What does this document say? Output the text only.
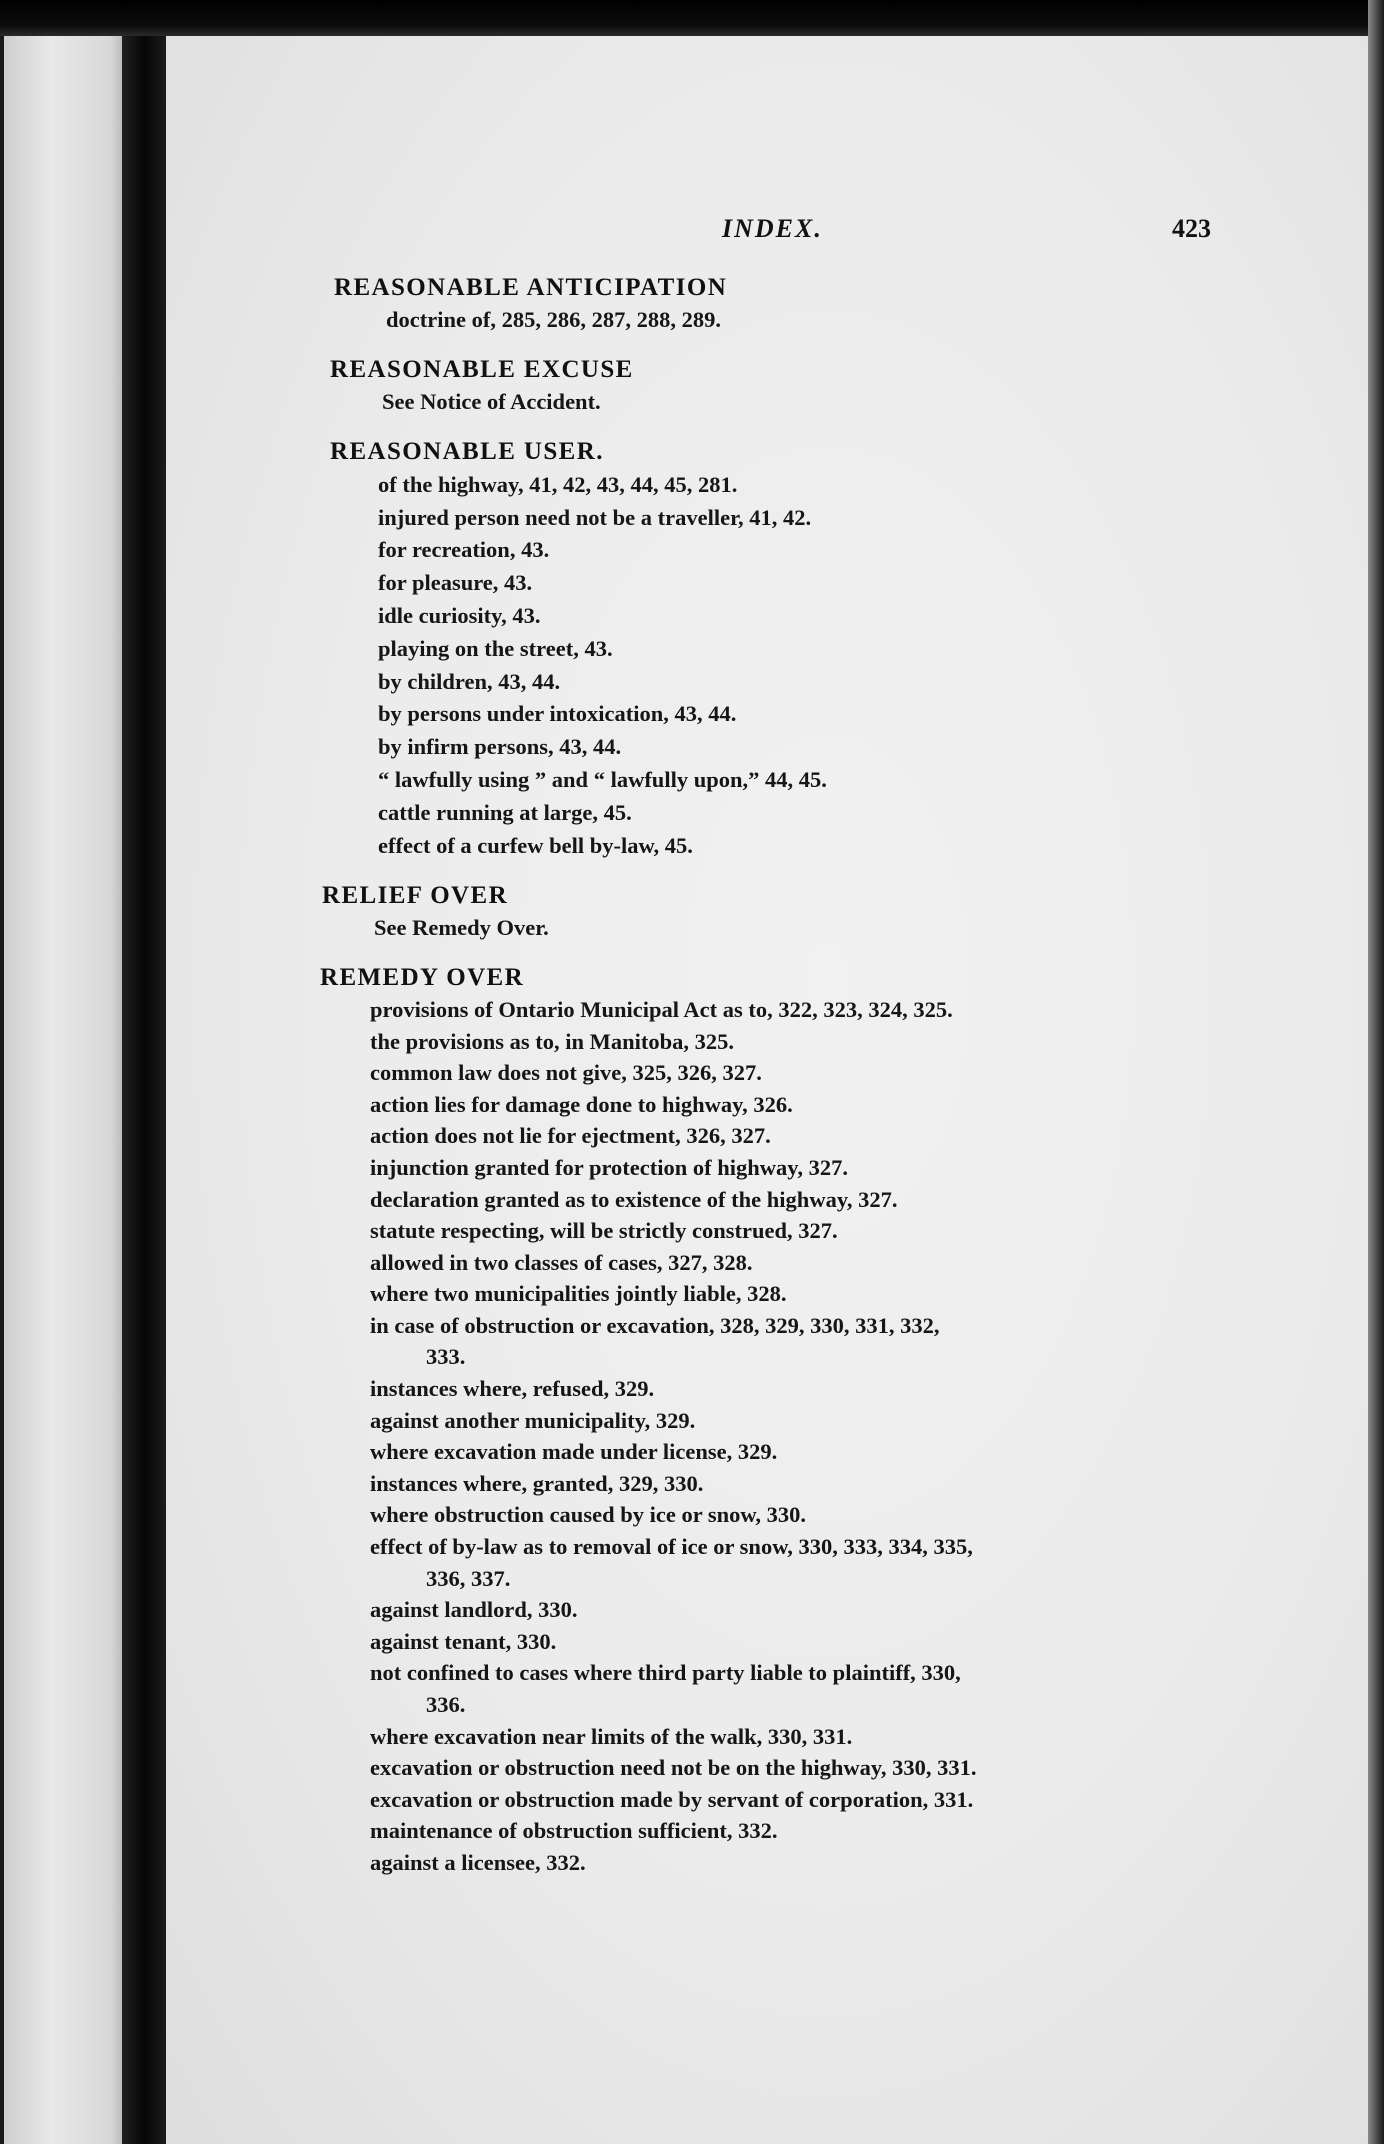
INDEX.	423
REASONABLE ANTICIPATION
doctrine of, 285, 286, 287, 288, 289.
REASONABLE EXCUSE
See Notice of Accident.
REASONABLE USER.
of the highway, 41, 42, 43, 44, 45, 281.
injured person need not be a traveller, 41, 42.
for recreation, 43.
for pleasure, 43.
idle curiosity, 43.
playing on the street, 43.
by children, 43, 44.
by persons under intoxication, 43, 44.
by infirm persons, 43, 44.
“ lawfully using ” and “ lawfully upon,” 44, 45.
cattle running at large, 45.
effect of a curfew bell by-law, 45.
RELIEF OVER
See Remedy Over.
REMEDY OVER
provisions of Ontario Municipal Act as to, 322, 323, 324, 325.
the provisions as to, in Manitoba, 325.
common law does not give, 325, 326, 327.
action lies for damage done to highway, 326.
action does not lie for ejectment, 326, 327.
injunction granted for protection of highway, 327.
declaration granted as to existence of the highway, 327.
statute respecting, will be strictly construed, 327.
allowed in two classes of cases, 327, 328.
where two municipalities jointly liable, 328.
in case of obstruction or excavation, 328, 329, 330, 331, 332,
333.
instances where, refused, 329.
against another municipality, 329.
where excavation made under license, 329.
instances where, granted, 329, 330.
where obstruction caused by ice or snow, 330.
effect of by-law as to removal of ice or snow, 330, 333, 334, 335,
336, 337.
against landlord, 330.
against tenant, 330.
not confined to cases where third party liable to plaintiff, 330,
336.
where excavation near limits of the walk, 330, 331.
excavation or obstruction need not be on the highway, 330, 331.
excavation or obstruction made by servant of corporation, 331.
maintenance of obstruction sufficient, 332.
against a licensee, 332.
